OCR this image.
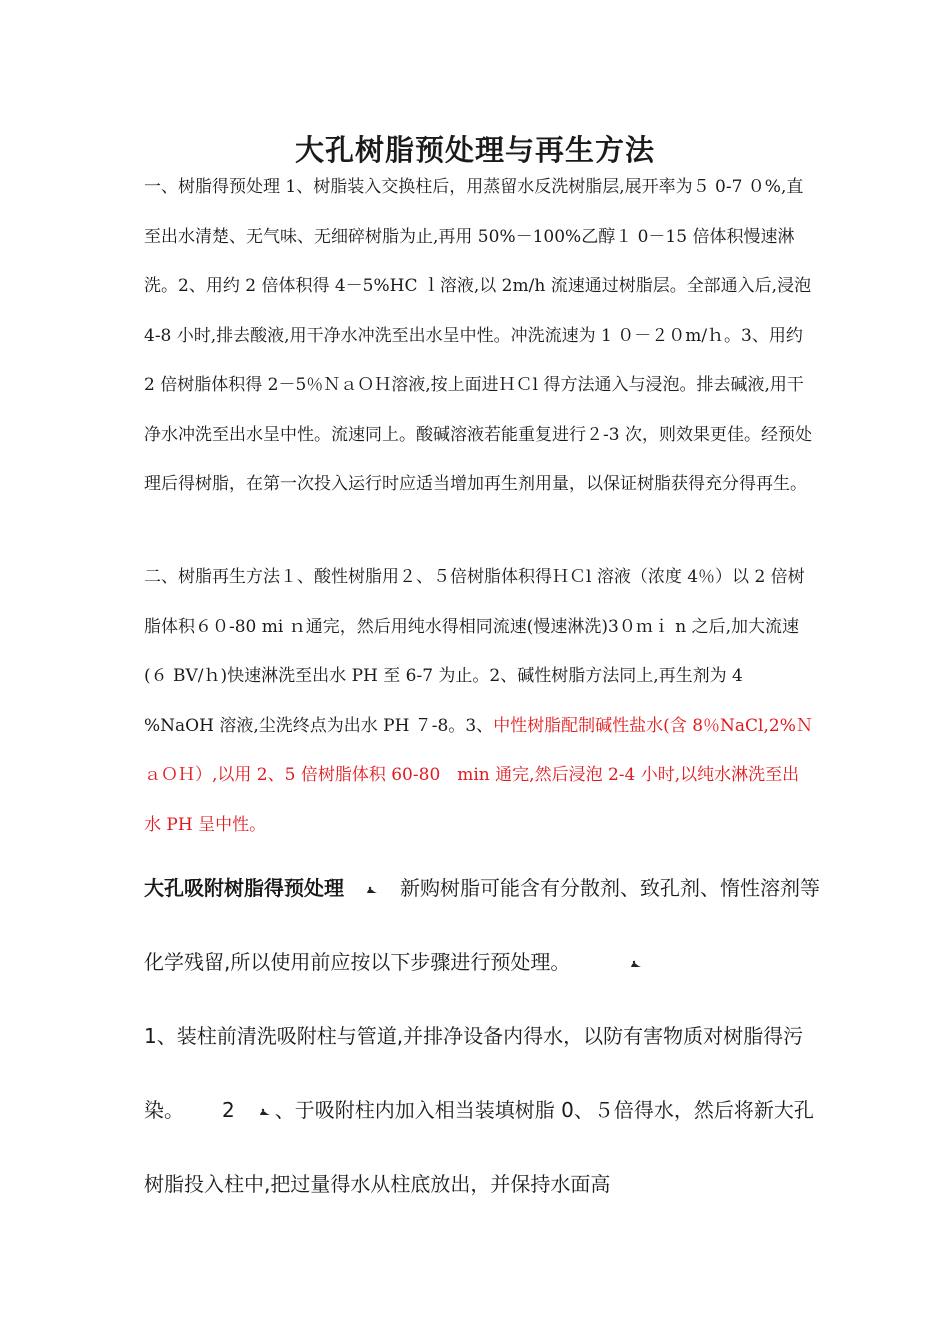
大孔树脂预处理与再生方法
一、树脂得预处理 1、树脂装入交换柱后，用蒸留水反洗树脂层,展开率为５ 0-7 ０%,直至出水清楚、无气味、无细碎树脂为止,再用 50%－100%乙醇１ 0－15 倍体积慢速淋洗。2、用约 2 倍体积得 4－5%HC ｌ溶液,以 2m/h 流速通过树脂层。全部通入后,浸泡 4-8 小时,排去酸液,用干净水冲洗至出水呈中性。冲洗流速为 1 ０－２０m/ｈ。3、用约 2 倍树脂体积得 2－5％ＮａＯＨ溶液,按上面进ＨＣl 得方法通入与浸泡。排去碱液,用干净水冲洗至出水呈中性。流速同上。酸碱溶液若能重复进行２-3 次，则效果更佳。经预处理后得树脂，在第一次投入运行时应适当增加再生剂用量，以保证树脂获得充分得再生。
二、树脂再生方法１、酸性树脂用２、５倍树脂体积得ＨＣl 溶液（浓度 4％）以 2 倍树脂体积６０-80 mi ｎ通完，然后用纯水得相同流速(慢速淋洗)3０ｍｉ n 之后,加大流速(６ BV/ｈ)快速淋洗至出水 PH 至 6-7 为止。2、碱性树脂方法同上,再生剂为 4 %NaOH 溶液,尘洗终点为出水 PH ７-8。3、中性树脂配制碱性盐水(含 8％NaCl,2%ＮａＯＨ）,以用 2、5 倍树脂体积 60-80　min 通完,然后浸泡 2-4 小时,以纯水淋洗至出水 PH 呈中性。
大孔吸附树脂得预处理	新购树脂可能含有分散剂、致孔剂、惰性溶剂等化学残留,所以使用前应按以下步骤进行预处理。

1、装柱前清洗吸附柱与管道,并排净设备内得水，以防有害物质对树脂得污染。 2 、于吸附柱内加入相当装填树脂 0、５倍得水，然后将新大孔树脂投入柱中,把过量得水从柱底放出，并保持水面高
